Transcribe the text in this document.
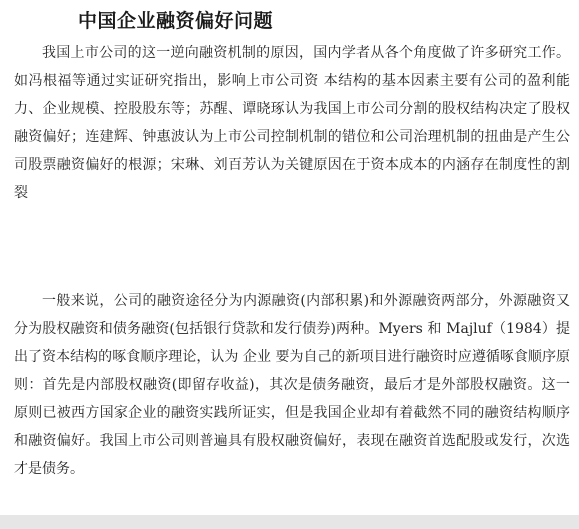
中国企业融资偏好问题
我国上市公司的这一逆向融资机制的原因，国内学者从各个角度做了许多研究工作。如冯根福等通过实证研究指出，影响上市公司资 本结构的基本因素主要有公司的盈利能力、企业规模、控股股东等；苏醒、谭晓琢认为我国上市公司分割的股权结构决定了股权融资偏好；连建辉、钟惠波认为上市公司控制机制的错位和公司治理机制的扭曲是产生公司股票融资偏好的根源；宋琳、刘百芳认为关键原因在于资本成本的内涵存在制度性的割裂
一般来说，公司的融资途径分为内源融资(内部积累)和外源融资两部分，外源融资又分为股权融资和债务融资(包括银行贷款和发行债券)两种。Myers 和 Majluf（1984）提出了资本结构的啄食顺序理论，认为 企业 要为自己的新项目进行融资时应遵循啄食顺序原则：首先是内部股权融资(即留存收益)，其次是债务融资，最后才是外部股权融资。这一原则已被西方国家企业的融资实践所证实，但是我国企业却有着截然不同的融资结构顺序和融资偏好。我国上市公司则普遍具有股权融资偏好，表现在融资首选配股或发行，次选才是债务。
